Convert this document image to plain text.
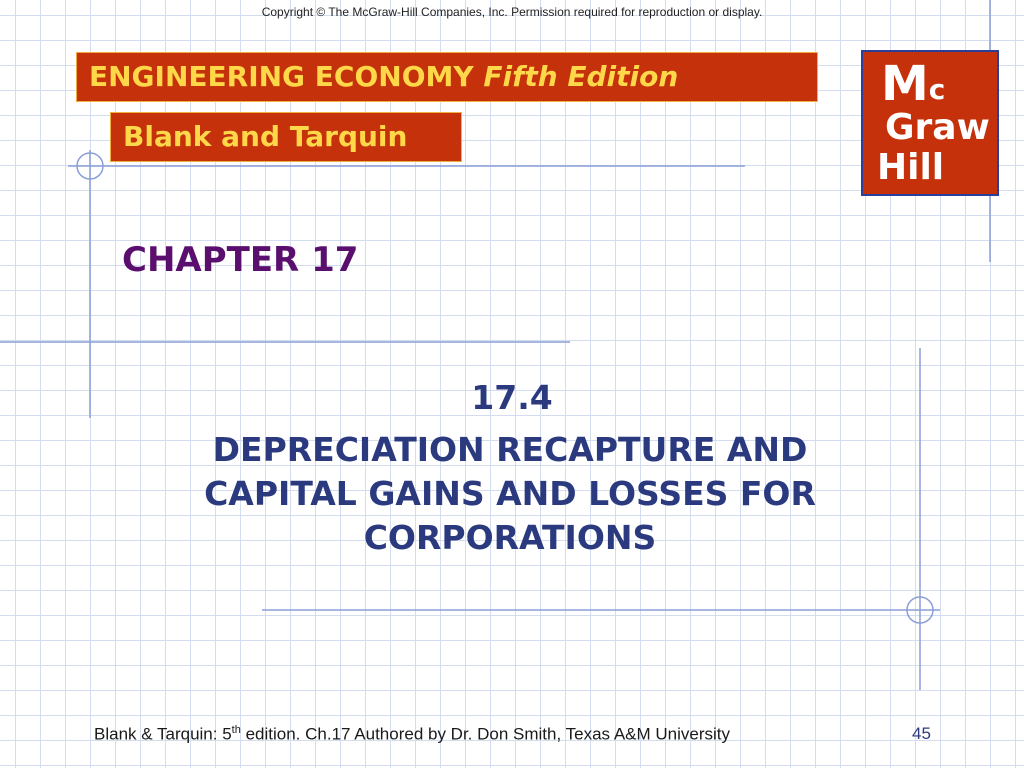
Copyright © The McGraw-Hill Companies, Inc. Permission required for reproduction or display.
ENGINEERING ECONOMY Fifth Edition
Blank and Tarquin
$M^c$
Graw
Hill
CHAPTER 17
17.4
DEPRECIATION RECAPTURE AND CAPITAL GAINS AND LOSSES FOR CORPORATIONS
Blank & Tarquin: 5th edition. Ch.17 Authored by Dr. Don Smith, Texas A&M University	45
